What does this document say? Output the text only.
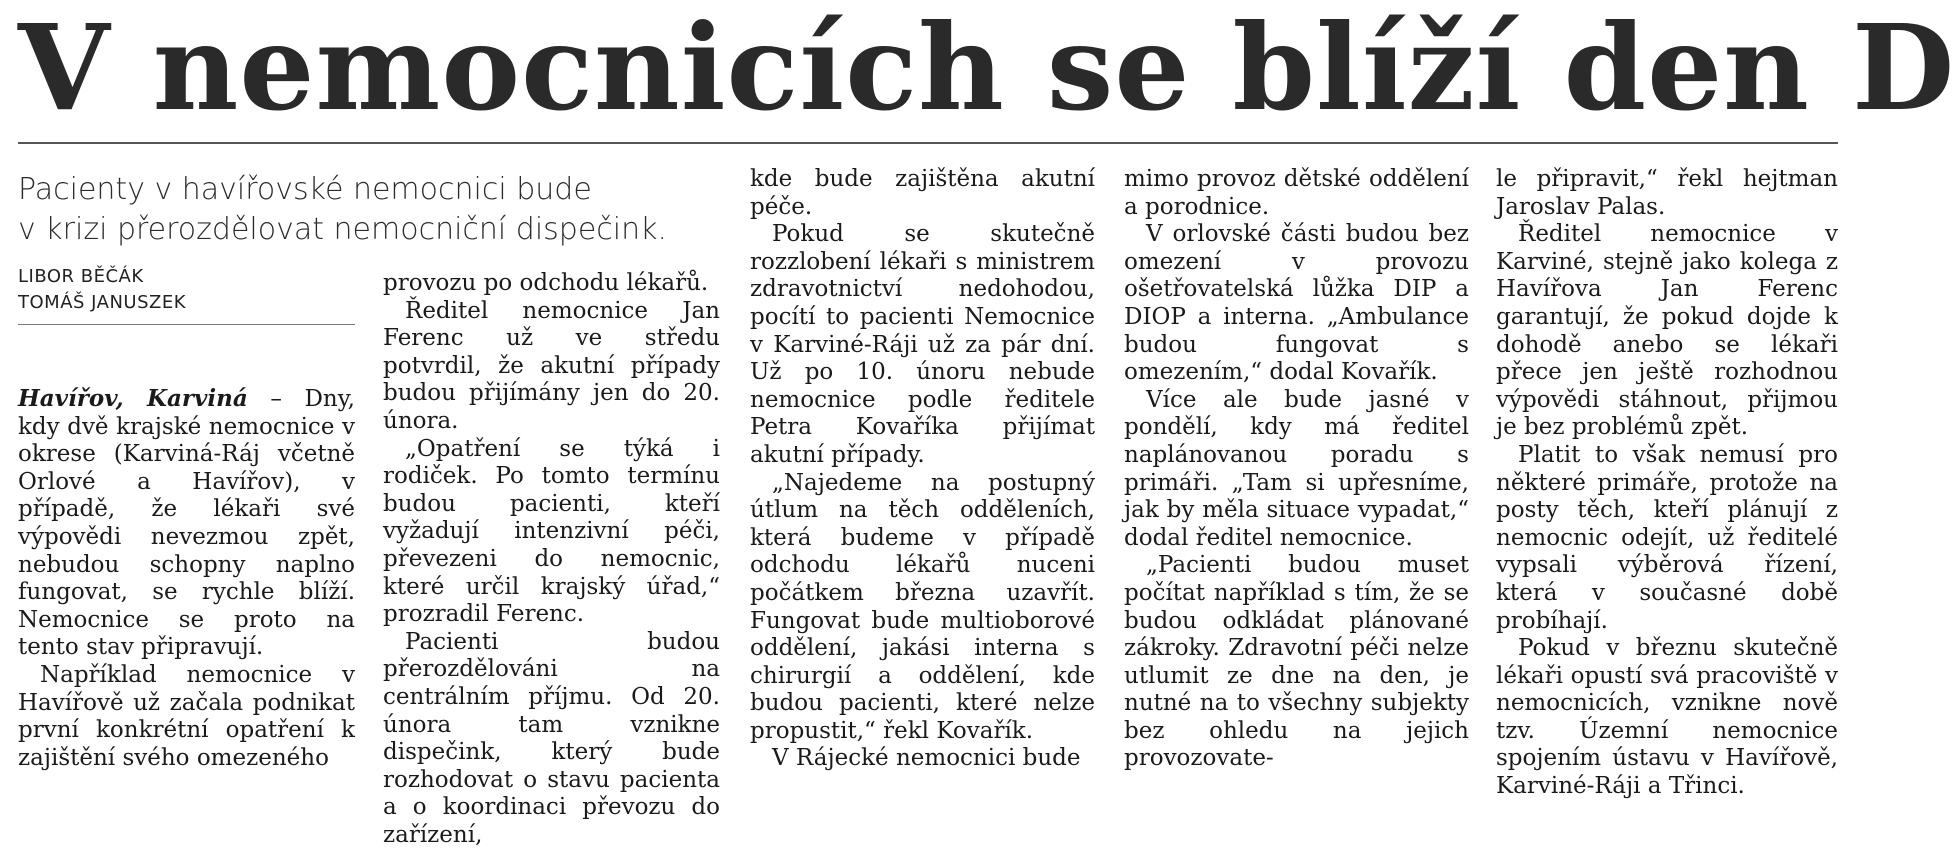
V nemocnicích se blíží den D
Pacienty v havířovské nemocnici bude
v krizi přerozdělovat nemocniční dispečink.
LIBOR BĚČÁK
TOMÁŠ JANUSZEK

Havířov, Karviná – Dny, kdy dvě krajské nemocnice v okrese (Karviná-Ráj včetně Orlové a Havířov), v případě, že lékaři své výpovědi nevezmou zpět, nebudou schopny naplno fungovat, se rychle blíží. Nemocnice se proto na tento stav připravují.

Například nemocnice v Havířově už začala podnikat první konkrétní opatření k zajištění svého omezeného

provozu po odchodu lékařů.

Ředitel nemocnice Jan Ferenc už ve středu potvrdil, že akutní případy budou přijímány jen do 20. února.

„Opatření se týká i rodiček. Po tomto termínu budou pacienti, kteří vyžadují intenzivní péči, převezeni do nemocnic, které určil krajský úřad,“ prozradil Ferenc.

Pacienti budou přerozdělováni na centrálním příjmu. Od 20. února tam vznikne dispečink, který bude rozhodovat o stavu pacienta a o koordinaci převozu do zařízení,

kde bude zajištěna akutní péče.

Pokud se skutečně rozzlobení lékaři s ministrem zdravotnictví nedohodou, pocítí to pacienti Nemocnice v Karviné-Ráji už za pár dní. Už po 10. únoru nebude nemocnice podle ředitele Petra Kovaříka přijímat akutní případy.

„Najedeme na postupný útlum na těch odděleních, která budeme v případě odchodu lékařů nuceni počátkem března uzavřít. Fungovat bude multioborové oddělení, jakási interna s chirurgií a oddělení, kde budou pacienti, které nelze propustit,“ řekl Kovařík.

V Rájecké nemocnici bude

mimo provoz dětské oddělení a porodnice.

V orlovské části budou bez omezení v provozu ošetřovatelská lůžka DIP a DIOP a interna. „Ambulance budou fungovat s omezením,“ dodal Kovařík.

Více ale bude jasné v pondělí, kdy má ředitel naplánovanou poradu s primáři. „Tam si upřesníme, jak by měla situace vypadat,“ dodal ředitel nemocnice.

„Pacienti budou muset počítat například s tím, že se budou odkládat plánované zákroky. Zdravotní péči nelze utlumit ze dne na den, je nutné na to všechny subjekty bez ohledu na jejich provozovate-

le připravit,“ řekl hejtman Jaroslav Palas.

Ředitel nemocnice v Karviné, stejně jako kolega z Havířova Jan Ferenc garantují, že pokud dojde k dohodě anebo se lékaři přece jen ještě rozhodnou výpovědi stáhnout, přijmou je bez problémů zpět.

Platit to však nemusí pro některé primáře, protože na posty těch, kteří plánují z nemocnic odejít, už ředitelé vypsali výběrová řízení, která v současné době probíhají.

Pokud v březnu skutečně lékaři opustí svá pracoviště v nemocnicích, vznikne nově tzv. Územní nemocnice spojením ústavu v Havířově, Karviné-Ráji a Třinci.
